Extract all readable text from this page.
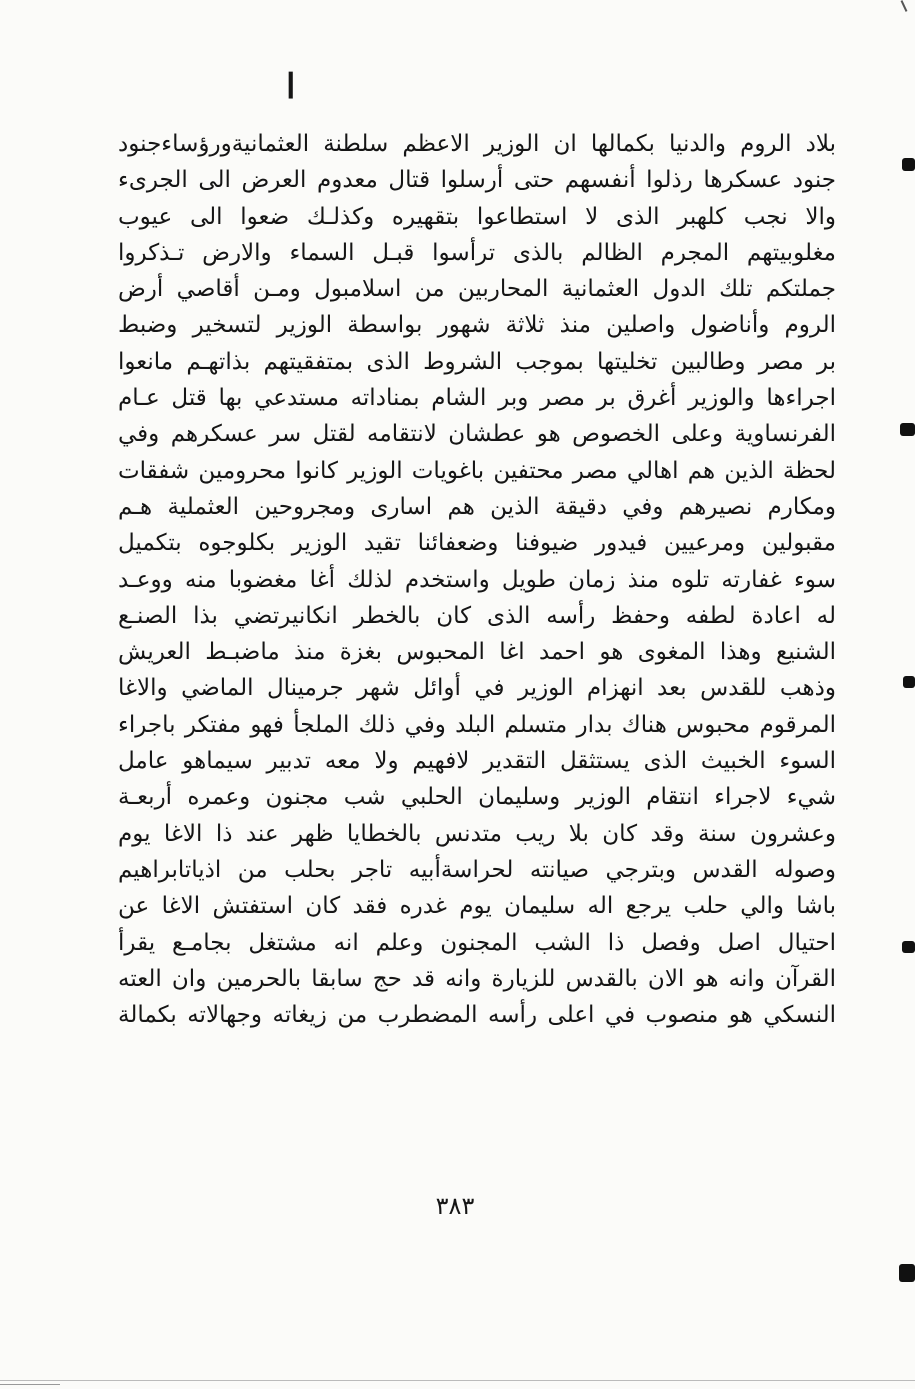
ا
بلاد الروم والدنيا بكمالها ان الوزير الاعظم سلطنة العثمانيةورؤساءجنود
جنود عسكرها رذلوا أنفسهم حتى أرسلوا قتال معدوم العرض الى الجرىء
والا نجب كلهبر الذى لا استطاعوا بتقهيره وكذلـك ضعوا الى عيوب
مغلوبيتهم المجرم الظالم بالذى ترأسوا قبـل السماء والارض تـذكروا
جملتكم تلك الدول العثمانية المحاربين من اسلامبول ومـن أقاصي أرض
الروم وأناضول واصلين منذ ثلاثة شهور بواسطة الوزير لتسخير وضبط
بر مصر وطالبين تخليتها بموجب الشروط الذى بمتفقيتهم بذاتهـم مانعوا
اجراءها والوزير أغرق بر مصر وبر الشام بمناداته مستدعي بها قتل عـام
الفرنساوية وعلى الخصوص هو عطشان لانتقامه لقتل سر عسكرهم وفي
لحظة الذين هم اهالي مصر محتفين باغويات الوزير كانوا محرومين شفقات
ومكارم نصيرهم وفي دقيقة الذين هم اسارى ومجروحين العثملية هـم
مقبولين ومرعيين فيدور ضيوفنا وضعفائنا تقيد الوزير بكلوجوه بتكميل
سوء غفارته تلوه منذ زمان طويل واستخدم لذلك أغا مغضوبا منه ووعـد
له اعادة لطفه وحفظ رأسه الذى كان بالخطر انكانيرتضي بذا الصنـع
الشنيع وهذا المغوى هو احمد اغا المحبوس بغزة منذ ماضبـط العريش
وذهب للقدس بعد انهزام الوزير في أوائل شهر جرمينال الماضي والاغا
المرقوم محبوس هناك بدار متسلم البلد وفي ذلك الملجأ فهو مفتكر باجراء
السوء الخبيث الذى يستثقل التقدير لافهيم ولا معه تدبير سيماهو عامل
شيء لاجراء انتقام الوزير وسليمان الحلبي شب مجنون وعمره أربعـة
وعشرون سنة وقد كان بلا ريب متدنس بالخطايا ظهر عند ذا الاغا يوم
وصوله القدس وبترجي صيانته لحراسةأبيه تاجر بحلب من اذياتابراهيم
باشا والي حلب يرجع اله سليمان يوم غدره فقد كان استفتش الاغا عن
احتيال اصل وفصل ذا الشب المجنون وعلم انه مشتغل بجامـع يقرأ
القرآن وانه هو الان بالقدس للزيارة وانه قد حج سابقا بالحرمين وان العته
النسكي هو منصوب في اعلى رأسه المضطرب من زيغاته وجهالاته بكمالة
٣٨٣
